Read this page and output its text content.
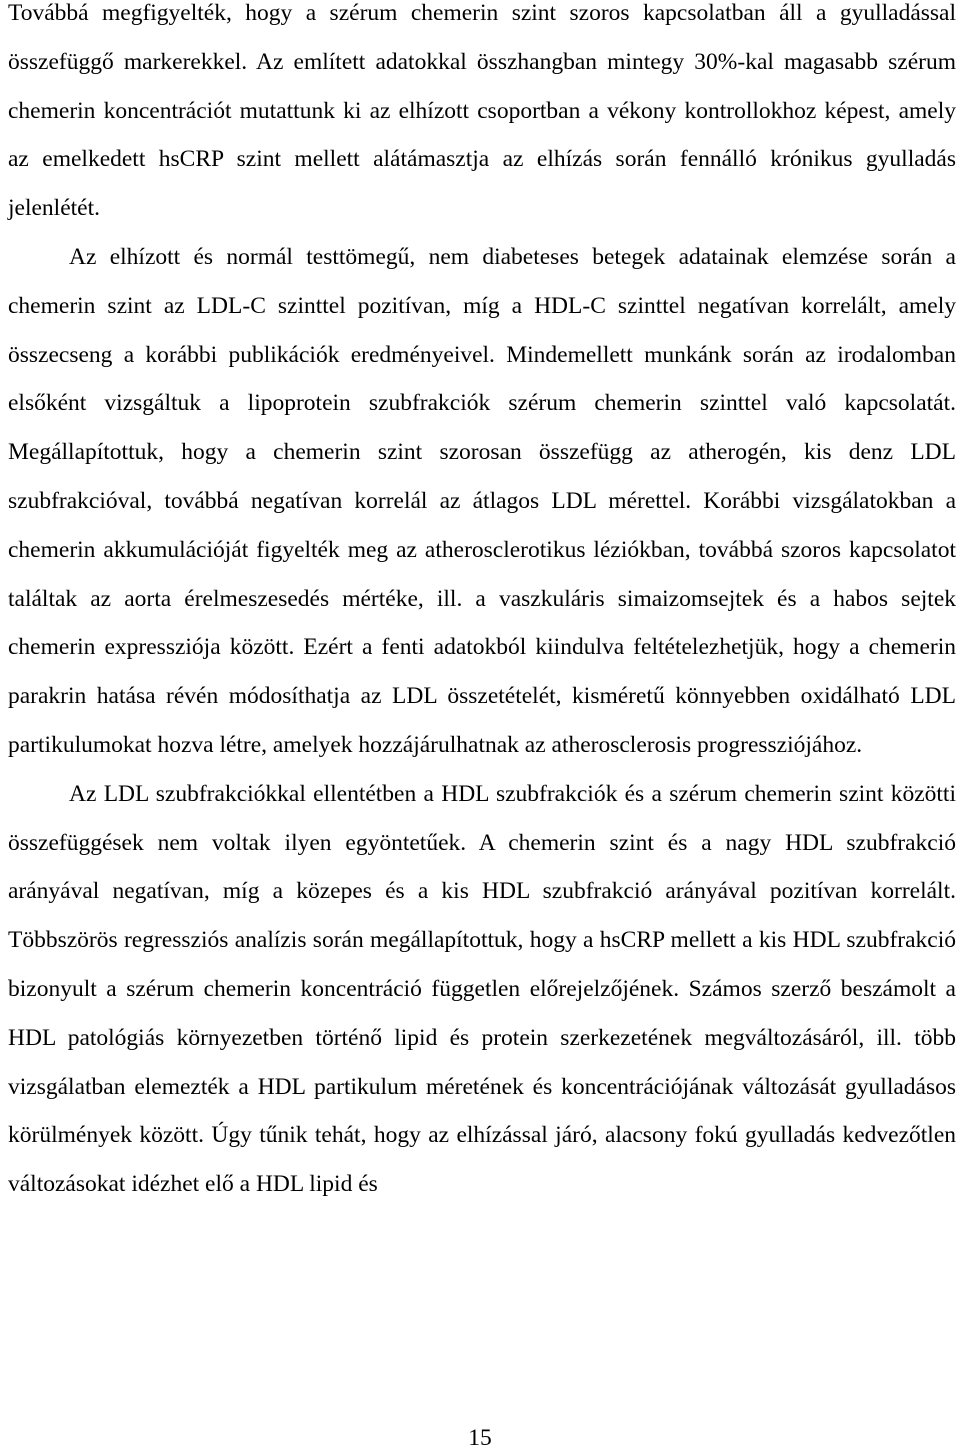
Továbbá megfigyelték, hogy a szérum chemerin szint szoros kapcsolatban áll a gyulladással összefüggő markerekkel. Az említett adatokkal összhangban mintegy 30%-kal magasabb szérum chemerin koncentrációt mutattunk ki az elhízott csoportban a vékony kontrollokhoz képest, amely az emelkedett hsCRP szint mellett alátámasztja az elhízás során fennálló krónikus gyulladás jelenlétét.

Az elhízott és normál testtömegű, nem diabeteses betegek adatainak elemzése során a chemerin szint az LDL-C szinttel pozitívan, míg a HDL-C szinttel negatívan korrelált, amely összecseng a korábbi publikációk eredményeivel. Mindemellett munkánk során az irodalomban elsőként vizsgáltuk a lipoprotein szubfrakciók szérum chemerin szinttel való kapcsolatát. Megállapítottuk, hogy a chemerin szint szorosan összefügg az atherogén, kis denz LDL szubfrakcióval, továbbá negatívan korrelál az átlagos LDL mérettel. Korábbi vizsgálatokban a chemerin akkumulációját figyelték meg az atherosclerotikus léziókban, továbbá szoros kapcsolatot találtak az aorta érelmeszesedés mértéke, ill. a vaszkuláris simaizomsejtek és a habos sejtek chemerin expressziója között. Ezért a fenti adatokból kiindulva feltételezhetjük, hogy a chemerin parakrin hatása révén módosíthatja az LDL összetételét, kisméretű könnyebben oxidálható LDL partikulumokat hozva létre, amelyek hozzájárulhatnak az atherosclerosis progressziójához.

Az LDL szubfrakciókkal ellentétben a HDL szubfrakciók és a szérum chemerin szint közötti összefüggések nem voltak ilyen egyöntetűek. A chemerin szint és a nagy HDL szubfrakció arányával negatívan, míg a közepes és a kis HDL szubfrakció arányával pozitívan korrelált. Többszörös regressziós analízis során megállapítottuk, hogy a hsCRP mellett a kis HDL szubfrakció bizonyult a szérum chemerin koncentráció független előrejelzőjének. Számos szerző beszámolt a HDL patológiás környezetben történő lipid és protein szerkezetének megváltozásáról, ill. több vizsgálatban elemezték a HDL partikulum méretének és koncentrációjának változását gyulladásos körülmények között. Úgy tűnik tehát, hogy az elhízással járó, alacsony fokú gyulladás kedvezőtlen változásokat idézhet elő a HDL lipid és

15
